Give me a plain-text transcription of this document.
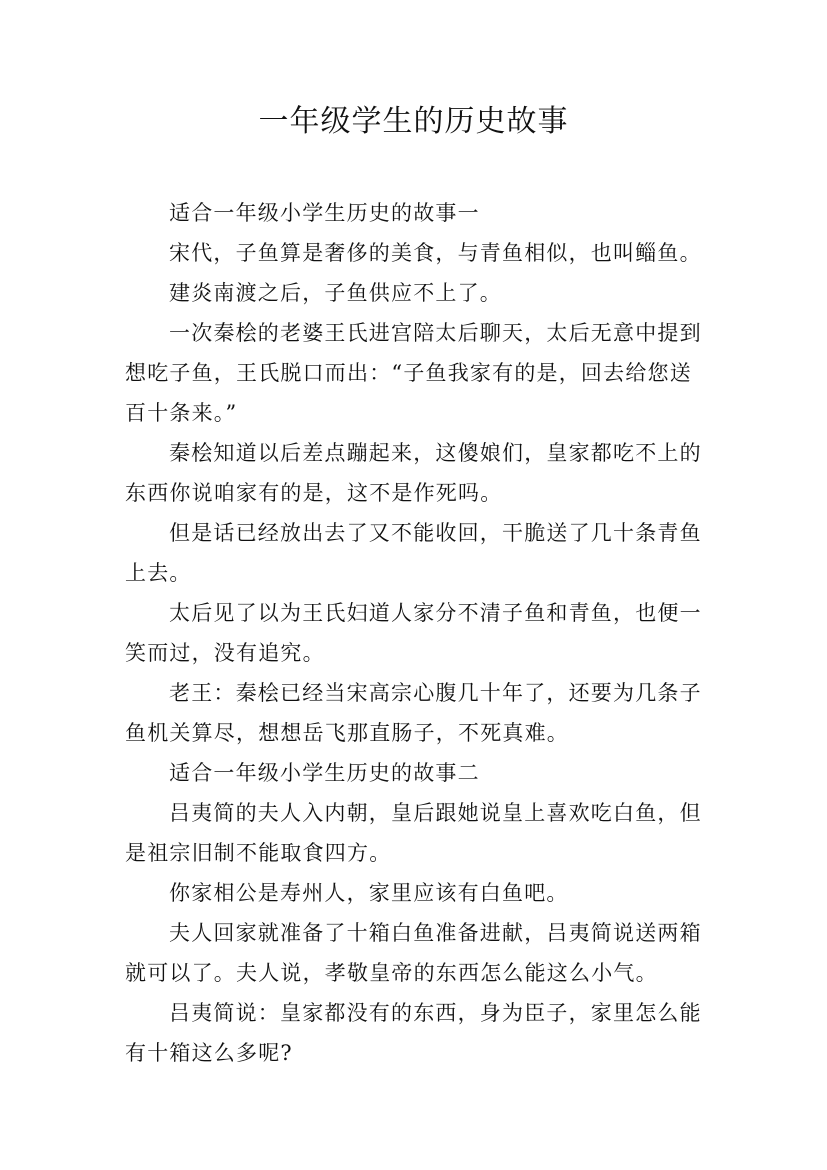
一年级学生的历史故事
适合一年级小学生历史的故事一
宋代，子鱼算是奢侈的美食，与青鱼相似，也叫鲻鱼。
建炎南渡之后，子鱼供应不上了。
一次秦桧的老婆王氏进宫陪太后聊天，太后无意中提到
想吃子鱼，王氏脱口而出：“子鱼我家有的是，回去给您送
百十条来。”
秦桧知道以后差点蹦起来，这傻娘们，皇家都吃不上的
东西你说咱家有的是，这不是作死吗。
但是话已经放出去了又不能收回，干脆送了几十条青鱼
上去。
太后见了以为王氏妇道人家分不清子鱼和青鱼，也便一
笑而过，没有追究。
老王：秦桧已经当宋高宗心腹几十年了，还要为几条子
鱼机关算尽，想想岳飞那直肠子，不死真难。
适合一年级小学生历史的故事二
吕夷简的夫人入内朝，皇后跟她说皇上喜欢吃白鱼，但
是祖宗旧制不能取食四方。
你家相公是寿州人，家里应该有白鱼吧。
夫人回家就准备了十箱白鱼准备进献，吕夷简说送两箱
就可以了。夫人说，孝敬皇帝的东西怎么能这么小气。
吕夷简说：皇家都没有的东西，身为臣子，家里怎么能
有十箱这么多呢?
